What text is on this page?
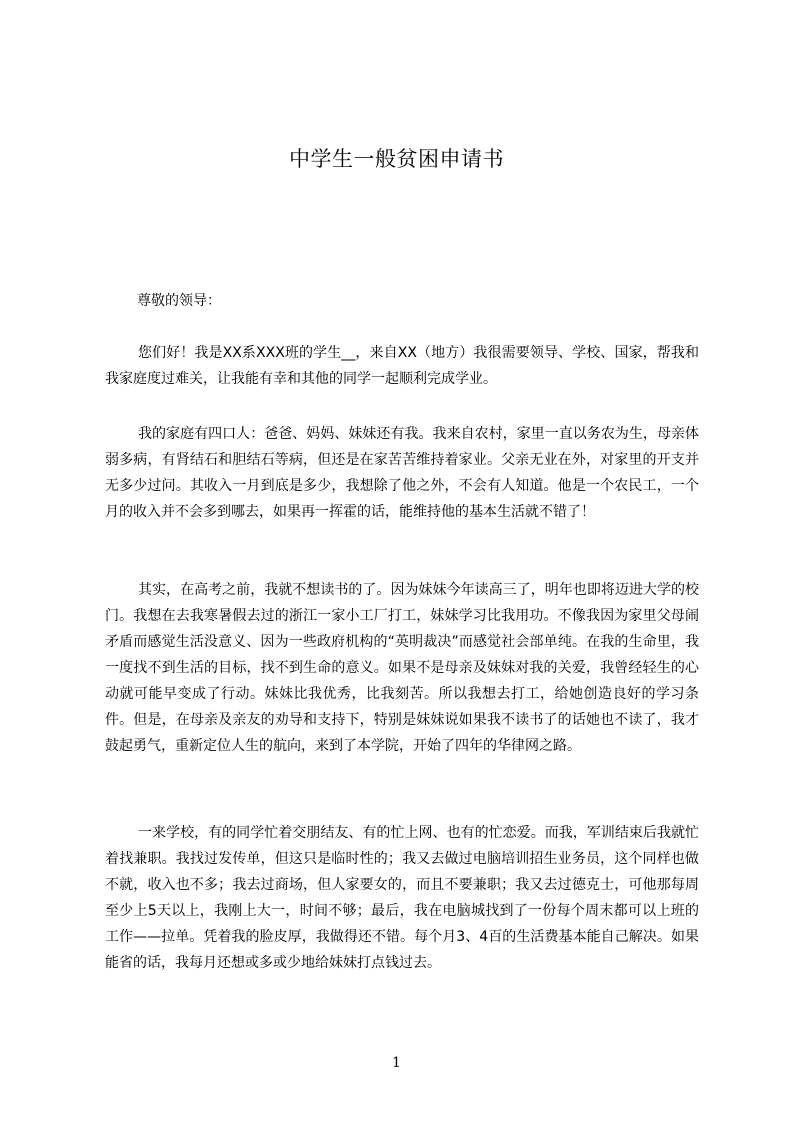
中学生一般贫困申请书

尊敬的领导：

您们好！我是XX系XXX班的学生__，来自XX（地方）我很需要领导、学校、国家，帮我和我家庭度过难关，让我能有幸和其他的同学一起顺利完成学业。

我的家庭有四口人：爸爸、妈妈、妹妹还有我。我来自农村，家里一直以务农为生，母亲体弱多病，有肾结石和胆结石等病，但还是在家苦苦维持着家业。父亲无业在外，对家里的开支并无多少过问。其收入一月到底是多少，我想除了他之外，不会有人知道。他是一个农民工，一个月的收入并不会多到哪去，如果再一挥霍的话，能维持他的基本生活就不错了！

其实，在高考之前，我就不想读书的了。因为妹妹今年读高三了，明年也即将迈进大学的校门。我想在去我寒暑假去过的浙江一家小工厂打工，妹妹学习比我用功。不像我因为家里父母闹矛盾而感觉生活没意义、因为一些政府机构的“英明裁决”而感觉社会部单纯。在我的生命里，我一度找不到生活的目标，找不到生命的意义。如果不是母亲及妹妹对我的关爱，我曾经轻生的心动就可能早变成了行动。妹妹比我优秀，比我刻苦。所以我想去打工，给她创造良好的学习条件。但是，在母亲及亲友的劝导和支持下，特别是妹妹说如果我不读书了的话她也不读了，我才鼓起勇气，重新定位人生的航向，来到了本学院，开始了四年的华律网之路。

一来学校，有的同学忙着交朋结友、有的忙上网、也有的忙恋爱。而我，军训结束后我就忙着找兼职。我找过发传单，但这只是临时性的；我又去做过电脑培训招生业务员，这个同样也做不就，收入也不多；我去过商场，但人家要女的，而且不要兼职；我又去过德克士，可他那每周至少上5天以上，我刚上大一，时间不够；最后，我在电脑城找到了一份每个周末都可以上班的工作——拉单。凭着我的脸皮厚，我做得还不错。每个月3、4百的生活费基本能自己解决。如果能省的话，我每月还想或多或少地给妹妹打点钱过去。

1
